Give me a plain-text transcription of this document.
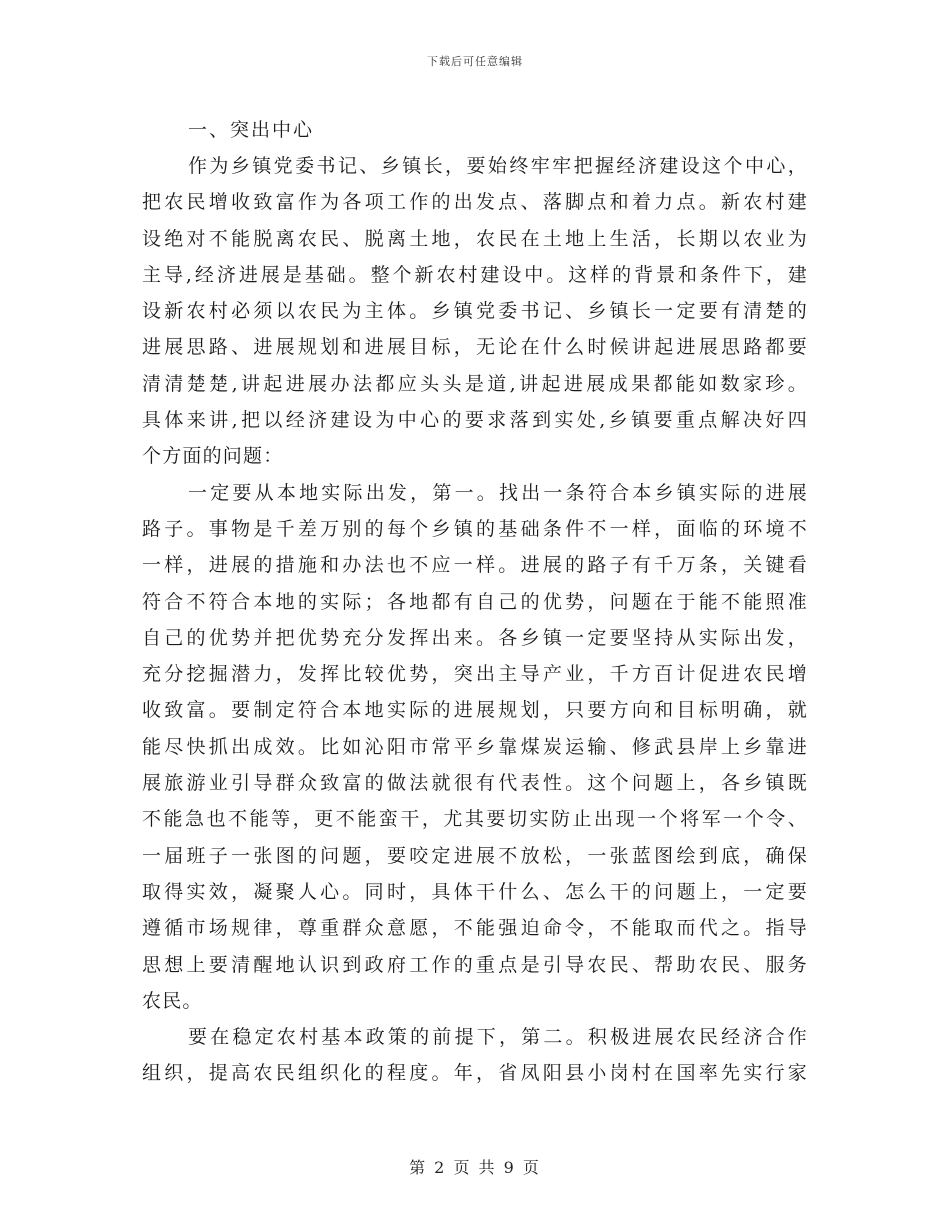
下载后可任意编辑
一、突出中心
作为乡镇党委书记、乡镇长，要始终牢牢把握经济建设这个中心，
把农民增收致富作为各项工作的出发点、落脚点和着力点。新农村建
设绝对不能脱离农民、脱离土地，农民在土地上生活，长期以农业为
主导,经济进展是基础。整个新农村建设中。这样的背景和条件下，建
设新农村必须以农民为主体。乡镇党委书记、乡镇长一定要有清楚的
进展思路、进展规划和进展目标，无论在什么时候讲起进展思路都要
清清楚楚,讲起进展办法都应头头是道,讲起进展成果都能如数家珍。
具体来讲,把以经济建设为中心的要求落到实处,乡镇要重点解决好四
个方面的问题：
一定要从本地实际出发，第一。找出一条符合本乡镇实际的进展
路子。事物是千差万别的每个乡镇的基础条件不一样，面临的环境不
一样，进展的措施和办法也不应一样。进展的路子有千万条，关键看
符合不符合本地的实际；各地都有自己的优势，问题在于能不能照准
自己的优势并把优势充分发挥出来。各乡镇一定要坚持从实际出发，
充分挖掘潜力，发挥比较优势，突出主导产业，千方百计促进农民增
收致富。要制定符合本地实际的进展规划，只要方向和目标明确，就
能尽快抓出成效。比如沁阳市常平乡靠煤炭运输、修武县岸上乡靠进
展旅游业引导群众致富的做法就很有代表性。这个问题上，各乡镇既
不能急也不能等，更不能蛮干，尤其要切实防止出现一个将军一个令、
一届班子一张图的问题，要咬定进展不放松，一张蓝图绘到底，确保
取得实效，凝聚人心。同时，具体干什么、怎么干的问题上，一定要
遵循市场规律，尊重群众意愿，不能强迫命令，不能取而代之。指导
思想上要清醒地认识到政府工作的重点是引导农民、帮助农民、服务
农民。
要在稳定农村基本政策的前提下，第二。积极进展农民经济合作
组织，提高农民组织化的程度。年，省凤阳县小岗村在国率先实行家
第 2 页 共 9 页
